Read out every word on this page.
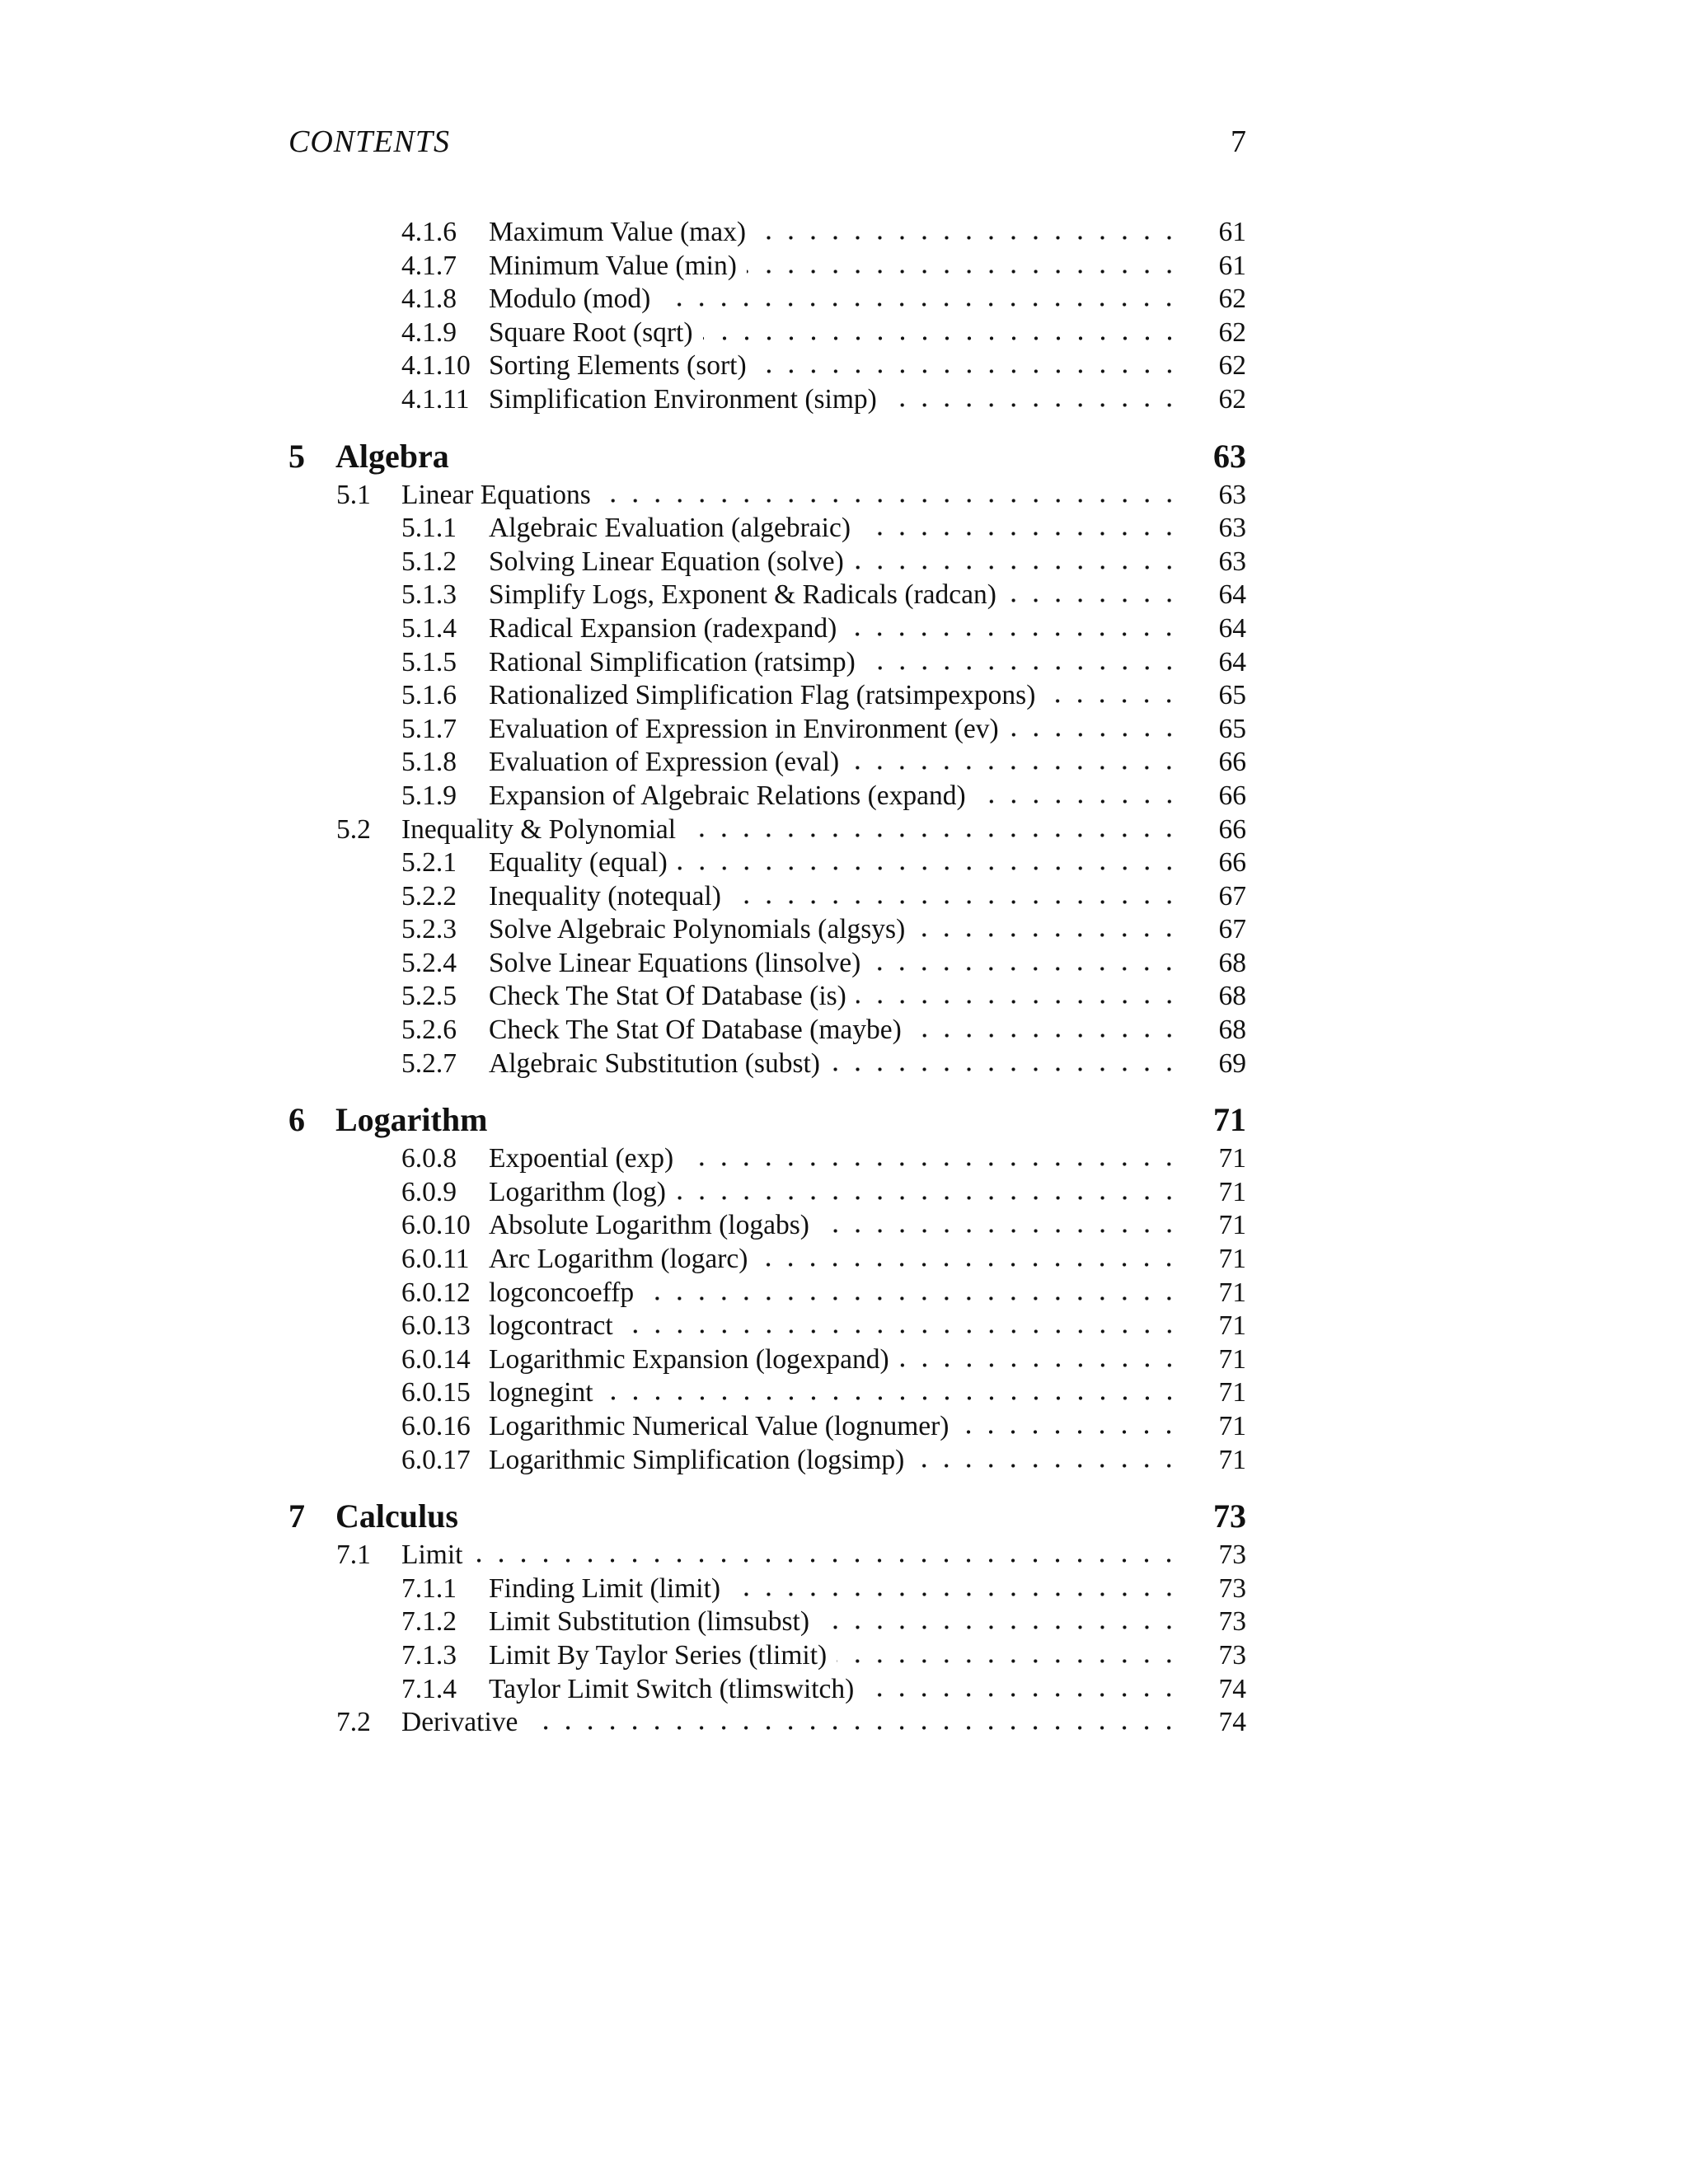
CONTENTS	7
4.1.6	Maximum Value (max)	61
4.1.7	Minimum Value (min)	61
4.1.8	Modulo (mod)	62
4.1.9	Square Root (sqrt)	62
4.1.10 Sorting Elements (sort)	62
4.1.11 Simplification Environment (simp)	62
5 Algebra	63
5.1	Linear Equations	63
5.1.1	Algebraic Evaluation (algebraic)	63
5.1.2	Solving Linear Equation (solve)	63
5.1.3	Simplify Logs, Exponent & Radicals (radcan)	64
5.1.4	Radical Expansion (radexpand)	64
5.1.5	Rational Simplification (ratsimp)	64
5.1.6	Rationalized Simplification Flag (ratsimpexpons)	65
5.1.7	Evaluation of Expression in Environment (ev)	65
5.1.8	Evaluation of Expression (eval)	66
5.1.9	Expansion of Algebraic Relations (expand)	66
5.2	Inequality & Polynomial	66
5.2.1	Equality (equal)	66
5.2.2	Inequality (notequal)	67
5.2.3	Solve Algebraic Polynomials (algsys)	67
5.2.4	Solve Linear Equations (linsolve)	68
5.2.5	Check The Stat Of Database (is)	68
5.2.6	Check The Stat Of Database (maybe)	68
5.2.7	Algebraic Substitution (subst)	69
6 Logarithm	71
6.0.8	Expoential (exp)	71
6.0.9	Logarithm (log)	71
6.0.10 Absolute Logarithm (logabs)	71
6.0.11 Arc Logarithm (logarc)	71
6.0.12 logconcoeffp	71
6.0.13 logcontract	71
6.0.14 Logarithmic Expansion (logexpand)	71
6.0.15 lognegint	71
6.0.16 Logarithmic Numerical Value (lognumer)	71
6.0.17 Logarithmic Simplification (logsimp)	71
7 Calculus	73
7.1	Limit	73
7.1.1	Finding Limit (limit)	73
7.1.2	Limit Substitution (limsubst)	73
7.1.3	Limit By Taylor Series (tlimit)	73
7.1.4	Taylor Limit Switch (tlimswitch)	74
7.2	Derivative	74
